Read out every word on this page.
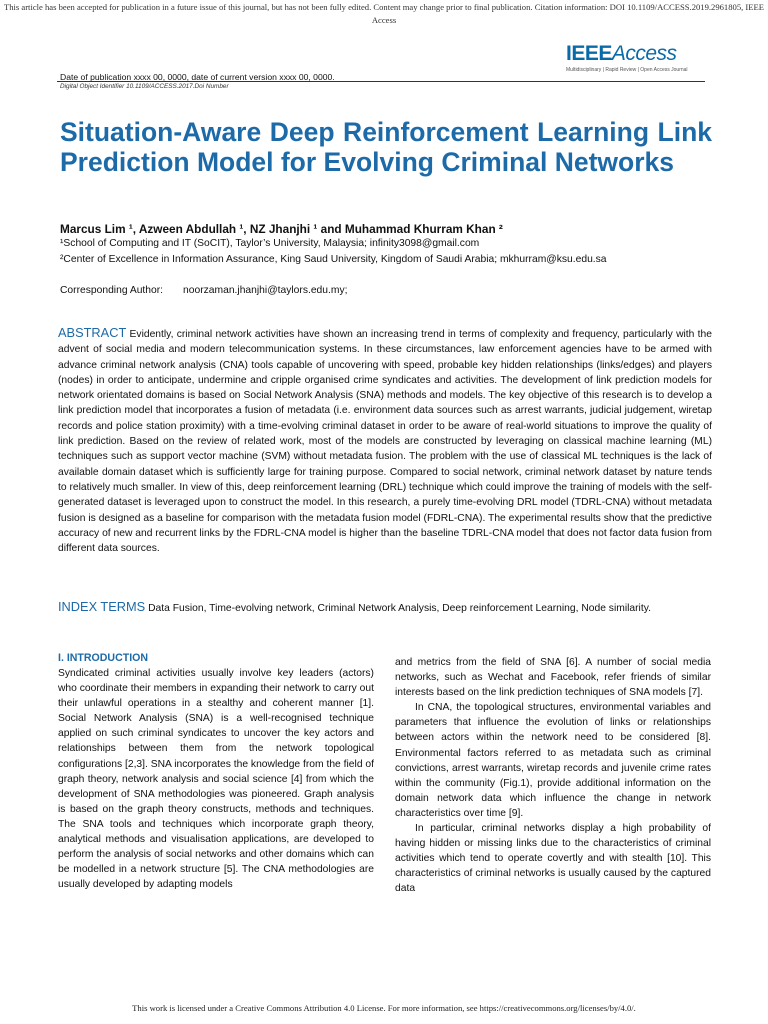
This article has been accepted for publication in a future issue of this journal, but has not been fully edited. Content may change prior to final publication. Citation information: DOI 10.1109/ACCESS.2019.2961805, IEEE Access
IEEEAccess
Multidisciplinary | Rapid Review | Open Access Journal
Date of publication xxxx 00, 0000, date of current version xxxx 00, 0000.
Digital Object Identifier 10.1109/ACCESS.2017.Doi Number
Situation-Aware Deep Reinforcement Learning Link Prediction Model for Evolving Criminal Networks
Marcus Lim ¹, Azween Abdullah ¹, NZ Jhanjhi ¹ and Muhammad Khurram Khan ²
¹School of Computing and IT (SoCIT), Taylor’s University, Malaysia; infinity3098@gmail.com
²Center of Excellence in Information Assurance, King Saud University, Kingdom of Saudi Arabia; mkhurram@ksu.edu.sa
Corresponding Author: noorzaman.jhanjhi@taylors.edu.my;

ABSTRACT Evidently, criminal network activities have shown an increasing trend in terms of complexity and frequency, particularly with the advent of social media and modern telecommunication systems. In these circumstances, law enforcement agencies have to be armed with advance criminal network analysis (CNA) tools capable of uncovering with speed, probable key hidden relationships (links/edges) and players (nodes) in order to anticipate, undermine and cripple organised crime syndicates and activities. The development of link prediction models for network orientated domains is based on Social Network Analysis (SNA) methods and models. The key objective of this research is to develop a link prediction model that incorporates a fusion of metadata (i.e. environment data sources such as arrest warrants, judicial judgement, wiretap records and police station proximity) with a time-evolving criminal dataset in order to be aware of real-world situations to improve the quality of link prediction. Based on the review of related work, most of the models are constructed by leveraging on classical machine learning (ML) techniques such as support vector machine (SVM) without metadata fusion. The problem with the use of classical ML techniques is the lack of available domain dataset which is sufficiently large for training purpose. Compared to social network, criminal network dataset by nature tends to relatively much smaller. In view of this, deep reinforcement learning (DRL) technique which could improve the training of models with the self-generated dataset is leveraged upon to construct the model. In this research, a purely time-evolving DRL model (TDRL-CNA) without metadata fusion is designed as a baseline for comparison with the metadata fusion model (FDRL-CNA). The experimental results show that the predictive accuracy of new and recurrent links by the FDRL-CNA model is higher than the baseline TDRL-CNA model that does not factor data fusion from different data sources.

INDEX TERMS Data Fusion, Time-evolving network, Criminal Network Analysis, Deep reinforcement Learning, Node similarity.

I. INTRODUCTION

Syndicated criminal activities usually involve key leaders (actors) who coordinate their members in expanding their network to carry out their unlawful operations in a stealthy and coherent manner [1]. Social Network Analysis (SNA) is a well-recognised technique applied on such criminal syndicates to uncover the key actors and relationships between them from the network topological configurations [2,3]. SNA incorporates the knowledge from the field of graph theory, network analysis and social science [4] from which the development of SNA methodologies was pioneered. Graph analysis is based on the graph theory constructs, methods and techniques. The SNA tools and techniques which incorporate graph theory, analytical methods and visualisation applications, are developed to perform the analysis of social networks and other domains which can be modelled in a network structure [5]. The CNA methodologies are usually developed by adapting models

and metrics from the field of SNA [6]. A number of social media networks, such as Wechat and Facebook, refer friends of similar interests based on the link prediction techniques of SNA models [7].

In CNA, the topological structures, environmental variables and parameters that influence the evolution of links or relationships between actors within the network need to be considered [8]. Environmental factors referred to as metadata such as criminal convictions, arrest warrants, wiretap records and juvenile crime rates within the community (Fig.1), provide additional information on the domain network data which influence the change in network characteristics over time [9].

In particular, criminal networks display a high probability of having hidden or missing links due to the characteristics of criminal activities which tend to operate covertly and with stealth [10]. This characteristics of criminal networks is usually caused by the captured data

This work is licensed under a Creative Commons Attribution 4.0 License. For more information, see https://creativecommons.org/licenses/by/4.0/.
